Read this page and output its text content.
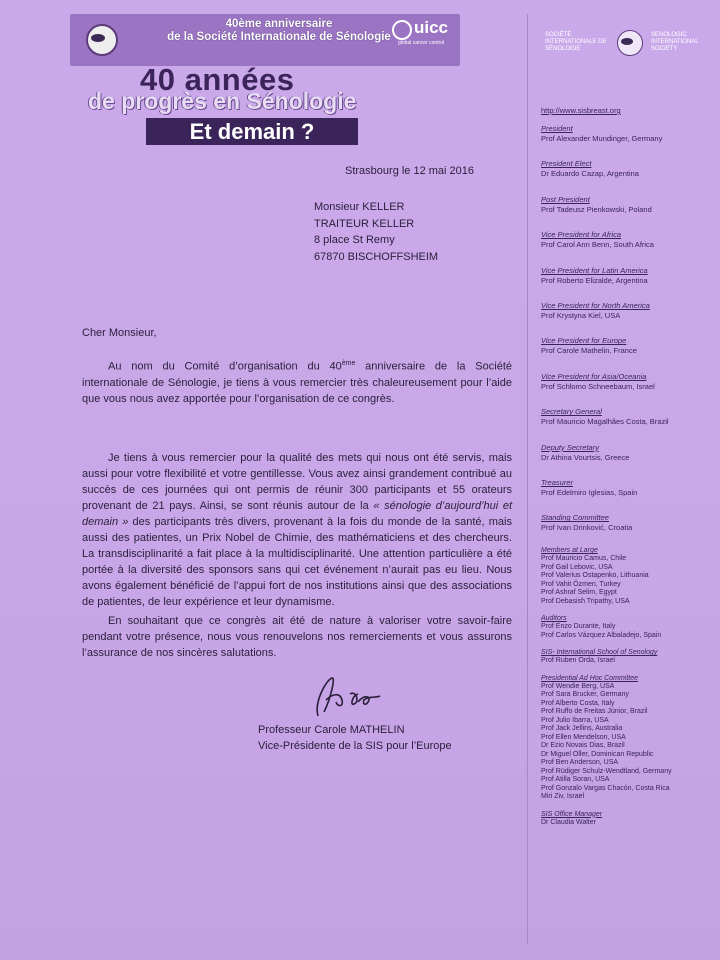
40ème anniversaire
de la Société Internationale de Sénologie	uicc
global cancer control
40 années
de progrès en Sénologie
Et demain ?
SOCIÉTÉ INTERNATIONALE DE SÉNOLOGIE
SENOLOGIC INTERNATIONAL SOCIETY
http://www.sisbreast.org
President
Prof Alexander Mundinger, Germany
President Elect
Dr Eduardo Cazap, Argentina
Post President
Prof Tadeusz Pienkowski, Poland
Vice President for Africa
Prof Carol Ann Benn, South Africa
Vice President for Latin America
Prof Roberto Elizalde, Argentina
Vice President for North America
Prof Krystyna Kiel, USA
Vice President for Europe
Prof Carole Mathelin, France
Vice President for Asia/Oceania
Prof Schlomo Schneebaum, Israel
Secretary General
Prof Mauricio Magalhães Costa, Brazil
Deputy Secretary
Dr Athina Vourtsis, Greece
Treasurer
Prof Edelmiro Iglesias, Spain
Standing Committee
Prof Ivan Drinković, Croatia
Members at Large
Prof Mauricio Camus, Chile
Prof Gail Lebovic, USA
Prof Valerius Ostapenko, Lithuania
Prof Vahit Özmen, Turkey
Prof Ashraf Selim, Egypt
Prof Debasish Tripathy, USA
Auditors
Prof Enzo Durante, Italy
Prof Carlos Vázquez Albaladejo, Spain
SIS- International School of Senology
Prof Ruben Orda, Israel
Presidential Ad Hoc Committee
Prof Wendie Berg, USA
Prof Sara Brucker, Germany
Prof Alberto Costa, Italy
Prof Ruffo de Freitas Júnior, Brazil
Prof Julio Ibarra, USA
Prof Jack Jellins, Australia
Prof Ellen Mendelson, USA
Dr Ezio Novais Dias, Brazil
Dr Miguel Oller, Dominican Republic
Prof Ben Anderson, USA
Prof Rüdiger Schulz-Wendtland, Germany
Prof Atilla Soran, USA
Prof Gonzalo Vargas Chacón, Costa Rica
Miri Ziv, Israel
SIS Office Manager
Dr Claudia Walter
Strasbourg le 12 mai 2016
Monsieur KELLER
TRAITEUR KELLER
8 place St Remy
67870 BISCHOFFSHEIM
Cher Monsieur,
Au nom du Comité d’organisation du 40ème anniversaire de la Société internationale de Sénologie, je tiens à vous remercier très chaleureusement pour l’aide que vous nous avez apportée pour l’organisation de ce congrès.
Je tiens à vous remercier pour la qualité des mets qui nous ont été servis, mais aussi pour votre flexibilité et votre gentillesse. Vous avez ainsi grandement contribué au succès de ces journées qui ont permis de réunir 300 participants et 55 orateurs provenant de 21 pays. Ainsi, se sont réunis autour de la « sénologie d’aujourd’hui et demain » des participants très divers, provenant à la fois du monde de la santé, mais aussi des patientes, un Prix Nobel de Chimie, des mathématiciens et des chercheurs. La transdisciplinarité a fait place à la multidisciplinarité. Une attention particulière a été portée à la diversité des sponsors sans qui cet événement n’aurait pas eu lieu. Nous avons également bénéficié de l’appui fort de nos institutions ainsi que des associations de patientes, de leur expérience et leur dynamisme.
En souhaitant que ce congrès ait été de nature à valoriser votre savoir-faire pendant votre présence, nous vous renouvelons nos remerciements et vous assurons l’assurance de nos sincères salutations.
Professeur Carole MATHELIN
Vice-Présidente de la SIS pour l’Europe
